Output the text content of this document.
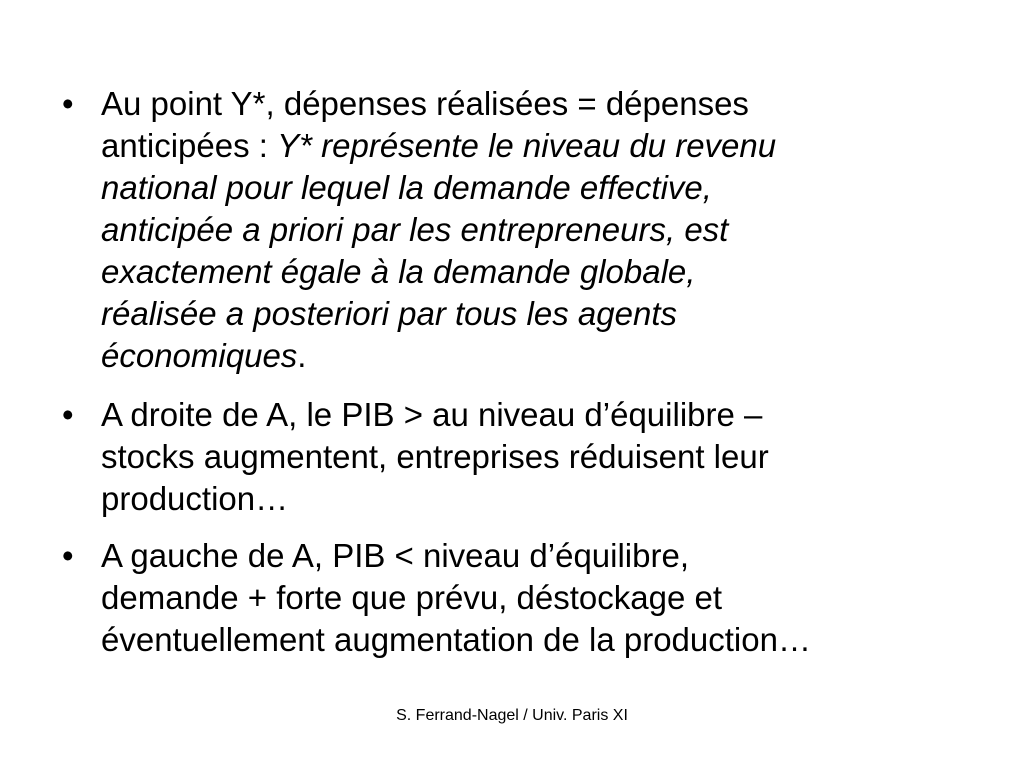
• Au point Y*, dépenses réalisées = dépenses
anticipées : Y* représente le niveau du revenu
national pour lequel la demande effective,
anticipée a priori par les entrepreneurs, est
exactement égale à la demande globale,
réalisée a posteriori par tous les agents
économiques.
• A droite de A, le PIB > au niveau d’équilibre –
stocks augmentent, entreprises réduisent leur
production…
• A gauche de A, PIB < niveau d’équilibre,
demande + forte que prévu, déstockage et
éventuellement augmentation de la production…
S. Ferrand-Nagel / Univ. Paris XI
